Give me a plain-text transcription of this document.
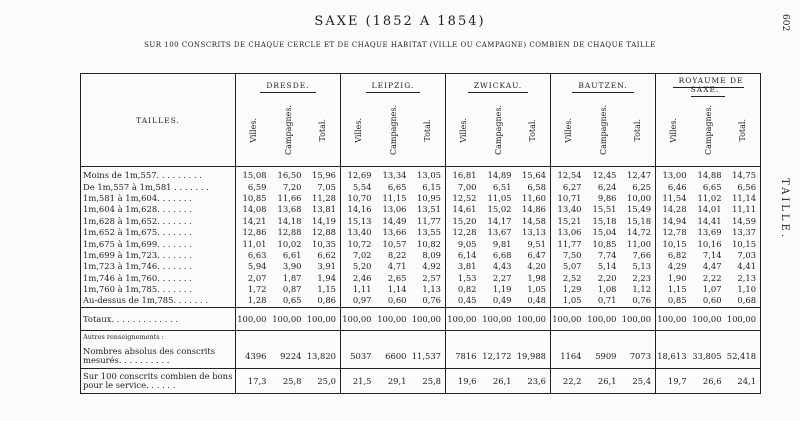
SAXE (1852 A 1854)
SUR 100 CONSCRITS DE CHAQUE CERCLE ET DE CHAQUE HABITAT (VILLE OU CAMPAGNE) COMBIEN DE CHAQUE TAILLE
602
TAILLE.
TAILLES.	DRESDE.			LEIPZIG.			ZWICKAU.			BAUTZEN.			ROYAUME DE SAXE.		
	Villes.	Campagnes.	Total.	Villes.	Campagnes.	Total.	Villes.	Campagnes.	Total.	Villes.	Campagnes.	Total.	Villes.	Campagnes.	Total.
Moins de 1m,557. . . . . . . . .	15,08	16,50	15,96	12,69	13,34	13,05	16,81	14,89	15,64	12,54	12,45	12,47	13,00	14,88	14,75
De 1m,557 à 1m,581 . . . . . . .	6,59	7,20	7,05	5,54	6,65	6,15	7,00	6,51	6,58	6,27	6,24	6,25	6,46	6,65	6,56
1m,581 à 1m,604. . . . . . .	10,85	11,66	11,28	10,70	11,15	10,95	12,52	11,05	11,60	10,71	9,86	10,00	11,54	11,02	11,14
1m,604 à 1m,628. . . . . . .	14,08	13,68	13,81	14,16	13,06	13,51	14,61	15,02	14,86	13,40	15,51	15,49	14,28	14,01	11,11
1m,628 à 1m,652. . . . . . .	14,21	14,18	14,19	15,13	14,49	11,77	15,20	14,17	14,58	15,21	15,18	15,18	14,94	14,41	14,59
1m,652 à 1m,675. . . . . . .	12,86	12,88	12,88	13,40	13,66	13,55	12,28	13,67	13,13	13,06	15,04	14,72	12,78	13,69	13,37
1m,675 à 1m,699. . . . . . .	11,01	10,02	10,35	10,72	10,57	10,82	9,05	9,81	9,51	11,77	10,85	11,00	10,15	10,16	10,15
1m,699 à 1m,723. . . . . . .	6,63	6,61	6,62	7,02	8,22	8,09	6,14	6,68	6,47	7,50	7,74	7,66	6,82	7,14	7,03
1m,723 à 1m,746. . . . . . .	5,94	3,90	3,91	5,20	4,71	4,92	3,81	4,43	4,20	5,07	5,14	5,13	4,29	4,47	4,41
1m,746 à 1m,760. . . . . . .	2,07	1,87	1,94	2,46	2,65	2,57	1,53	2,27	1,98	2,52	2,20	2,23	1,90	2,22	2,13
1m,760 à 1m,785. . . . . . .	1,72	0,87	1,15	1,11	1,14	1,13	0,82	1,19	1,05	1,29	1,08	1,12	1,15	1,07	1,10
Au-dessus de 1m,785. . . . . . .	1,28	0,65	0,86	0,97	0,60	0,76	0,45	0,49	0,48	1,05	0,71	0,76	0,85	0,60	0,68
Totaux. . . . . . . . . . . . .	100,00	100,00	100,00	100,00	100,00	100,00	100,00	100,00	100,00	100,00	100,00	100,00	100,00	100,00	100,00
Autres renseignements :															
Nombres absolus des conscrits mesurés. . . . . . . . . .	4396	9224	13,820	5037	6600	11,537	7816	12,172	19,988	1164	5909	7073	18,613	33,805	52,418
Sur 100 conscrits combien de bons pour le service. . . . . .	17,3	25,8	25,0	21,5	29,1	25,8	19,6	26,1	23,6	22,2	26,1	25,4	19,7	26,6	24,1
